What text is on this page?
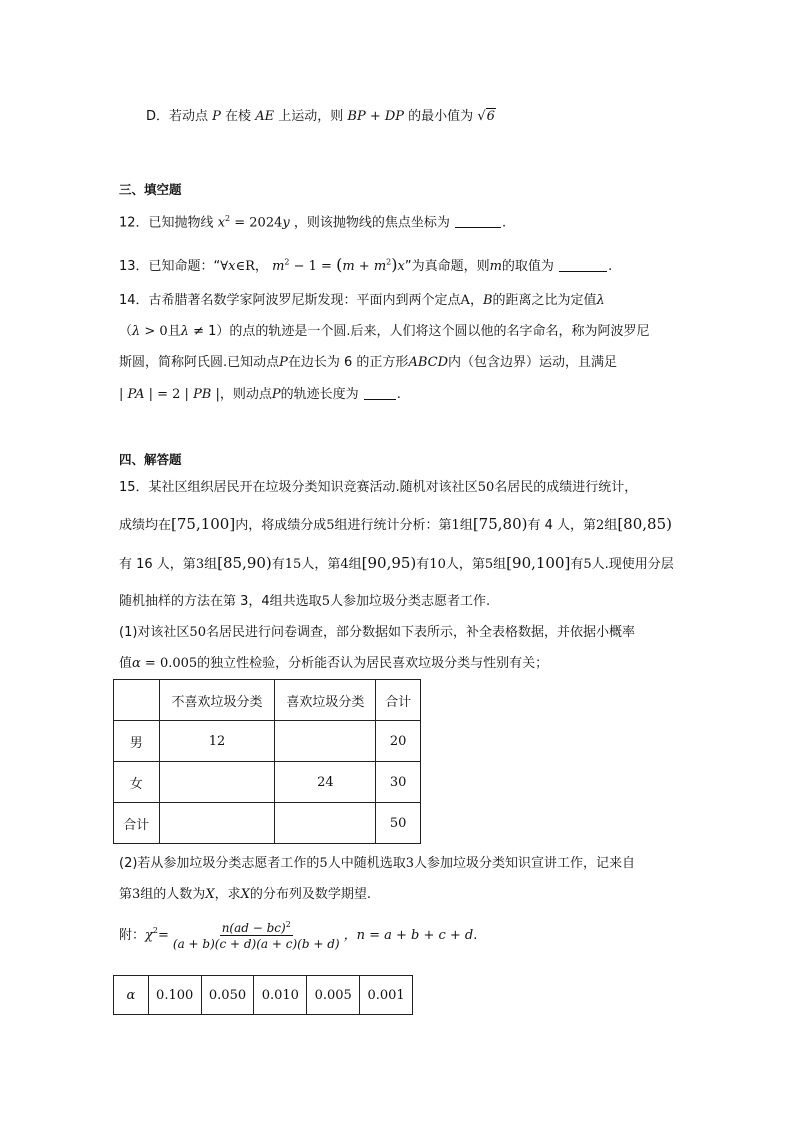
D．若动点 P 在棱 AE 上运动，则 BP + DP 的最小值为 √6
三、填空题
12．已知抛物线 $x^2 = 2024y$ ，则该抛物线的焦点坐标为	.
13．已知命题：“∀x∈R， $m^2 - 1 = (m + m^2)x$”为真命题，则m的取值为	.
14．古希腊著名数学家阿波罗尼斯发现：平面内到两个定点A，B的距离之比为定值λ
（λ > 0且λ ≠ 1）的点的轨迹是一个圆.后来，人们将这个圆以他的名字命名，称为阿波罗尼
斯圆，简称阿氏圆.已知动点P在边长为 6 的正方形ABCD内（包含边界）运动，且满足
| PA | = 2 | PB |，则动点P的轨迹长度为	.
四、解答题
15．某社区组织居民开在垃圾分类知识竞赛活动.随机对该社区50名居民的成绩进行统计，
成绩均在[75,100]内，将成绩分成5组进行统计分析：第1组[75,80)有 4 人，第2组[80,85)
有 16 人，第3组[85,90)有15人，第4组[90,95)有10人，第5组[90,100]有5人.现使用分层
随机抽样的方法在第 3，4组共选取5人参加垃圾分类志愿者工作.
(1)对该社区50名居民进行问卷调查，部分数据如下表所示，补全表格数据，并依据小概率
值α = 0.005的独立性检验，分析能否认为居民喜欢垃圾分类与性别有关；
	不喜欢垃圾分类	喜欢垃圾分类	合计
男	12		20
女		24	30
合计			50
(2)若从参加垃圾分类志愿者工作的5人中随机选取3人参加垃圾分类知识宣讲工作，记来自
第3组的人数为X，求X的分布列及数学期望.
附： $\chi^2 = \frac{n(ad - bc)^2}{(a + b)(c + d)(a + c)(b + d)}$ ，n = a + b + c + d .
α	0.100	0.050	0.010	0.005	0.001
